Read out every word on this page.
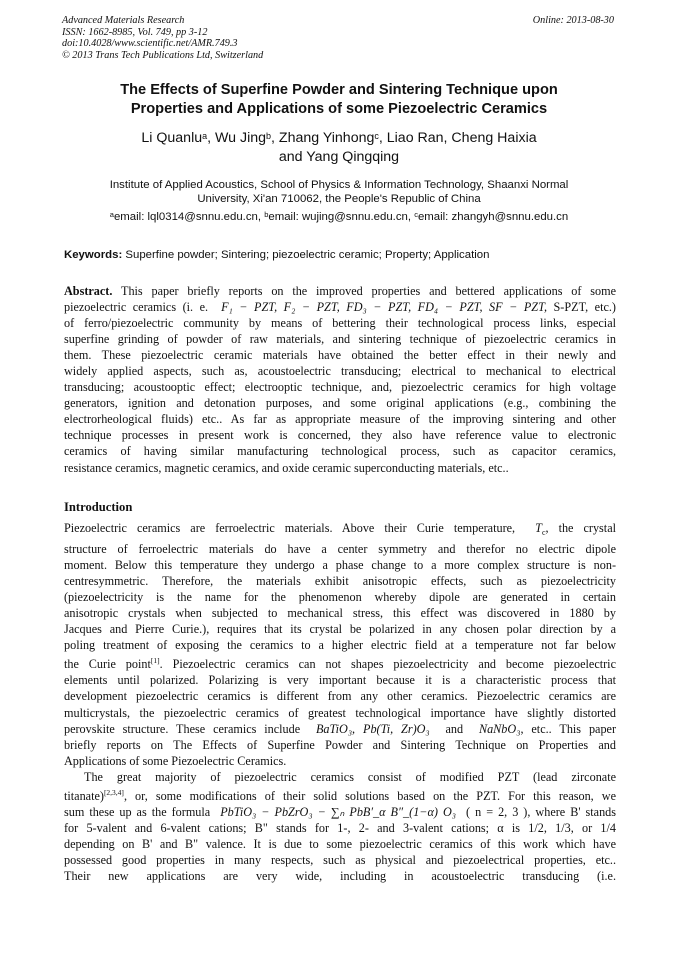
Advanced Materials Research
ISSN: 1662-8985, Vol. 749, pp 3-12
doi:10.4028/www.scientific.net/AMR.749.3
© 2013 Trans Tech Publications Ltd, Switzerland
Online: 2013-08-30
The Effects of Superfine Powder and Sintering Technique upon
Properties and Applications of some Piezoelectric Ceramics
Li Quanlu$^a$, Wu Jing$^b$, Zhang Yinhong$^c$, Liao Ran, Cheng Haixia
and Yang Qingqing
Institute of Applied Acoustics, School of Physics & Information Technology, Shaanxi Normal
University, Xi'an 710062, the People's Republic of China
$^a$email: lql0314@snnu.edu.cn, $^b$email: wujing@snnu.edu.cn, $^c$email: zhangyh@snnu.edu.cn
Keywords: Superfine powder; Sintering; piezoelectric ceramic; Property; Application
Abstract. This paper briefly reports on the improved properties and bettered applications of some
piezoelectric ceramics (i. e. F₁ − PZT, F₂ − PZT, FD₃ − PZT, FD₄ − PZT, SF − PZT, S-PZT, etc.)
of ferro/piezoelectric community by means of bettering their technological process links, especial
superfine grinding of powder of raw materials, and sintering technique of piezoelectric ceramics in
them. These piezoelectric ceramic materials have obtained the better effect in their newly and
widely applied aspects, such as, acoustoelectric transducing; electrical to mechanical to electrical
transducing; acoustooptic effect; electrooptic technique, and, piezoelectric ceramics for high voltage
generators, ignition and detonation purposes, and some original applications (e.g., combining the
electrorheological fluids) etc.. As far as appropriate measure of the improving sintering and other
technique processes in present work is concerned, they also have reference value to electronic
ceramics of having similar manufacturing technological process, such as capacitor ceramics,
resistance ceramics, magnetic ceramics, and oxide ceramic superconducting materials, etc..
Introduction
Piezoelectric ceramics are ferroelectric materials. Above their Curie temperature, $T_c$, the crystal
structure of ferroelectric materials do have a center symmetry and therefor no electric dipole
moment. Below this temperature they undergo a phase change to a more complex structure is non-
centresymmetric. Therefore, the materials exhibit anisotropic effects, such as piezoelectricity
(piezoelectricity is the name for the phenomenon whereby dipole are generated in certain
anisotropic crystals when subjected to mechanical stress, this effect was discovered in 1880 by
Jacques and Pierre Curie.), requires that its crystal be polarized in any chosen polar direction by a
poling treatment of exposing the ceramics to a higher electric field at a temperature not far below
the Curie point[1]. Piezoelectric ceramics can not shapes piezoelectricity and become piezoelectric
elements until polarized. Polarizing is very important because it is a characteristic process that
development piezoelectric ceramics is different from any other ceramics. Piezoelectric ceramics are
multicrystals, the piezoelectric ceramics of greatest technological importance have slightly distorted
perovskite structure. These ceramics include BaTiO₃, Pb(Ti, Zr)O₃ and NaNbO₃, etc.. This paper
briefly reports on The Effects of Superfine Powder and Sintering Technique on Properties and
Applications of some Piezoelectric Ceramics.
The great majority of piezoelectric ceramics consist of modified PZT (lead zirconate
titanate)[2,3,4], or, some modifications of their solid solutions based on the PZT. For this reason, we
sum these up as the formula PbTiO₃ − PbZrO₃ − ∑ₙ PbB′_α B″_(1−α) O₃ ( n = 2, 3 ), where B' stands
for 5-valent and 6-valent cations; B" stands for 1-, 2- and 3-valent cations; α is 1/2, 1/3, or 1/4
depending on B' and B" valence. It is due to some piezoelectric ceramics of this work which have
possessed good properties in many respects, such as physical and piezoelectrical properties, etc..
Their new applications are very wide, including in acoustoelectric transducing (i.e.
